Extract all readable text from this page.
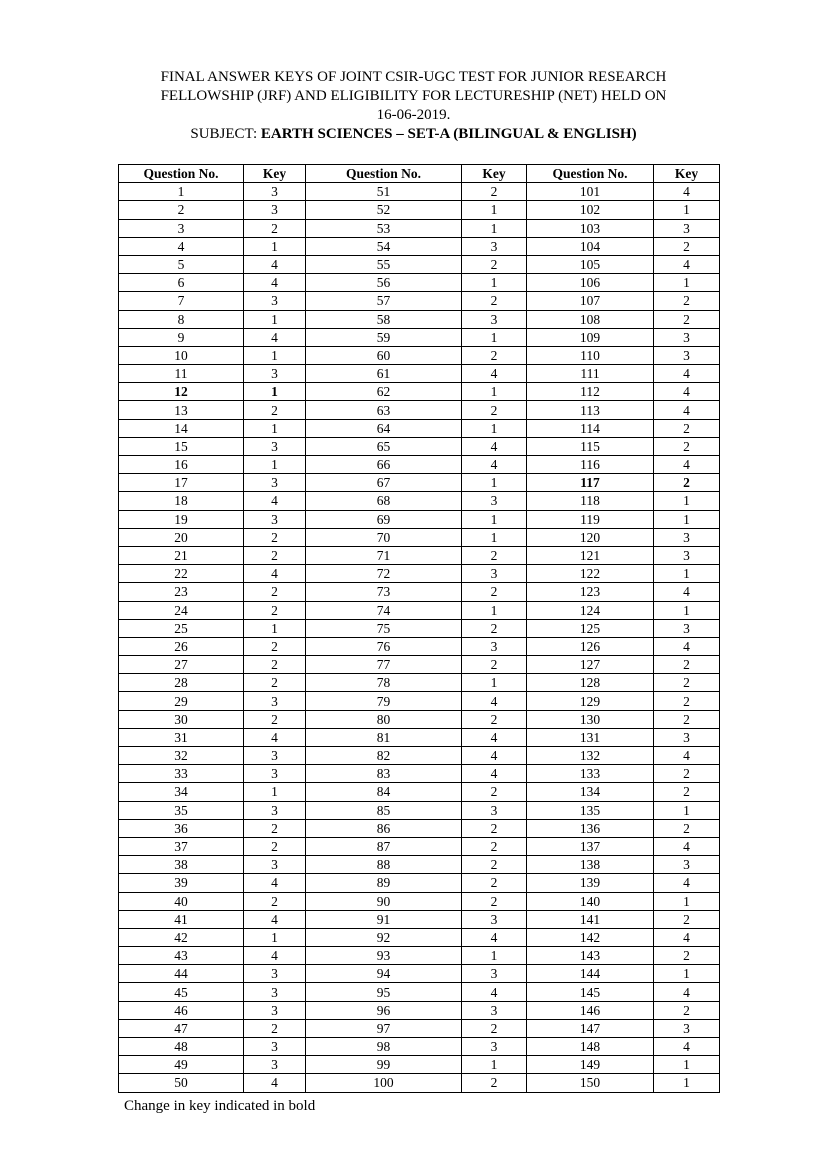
FINAL ANSWER KEYS OF JOINT CSIR-UGC TEST FOR JUNIOR RESEARCH
FELLOWSHIP (JRF) AND ELIGIBILITY FOR LECTURESHIP (NET) HELD ON
16-06-2019.
SUBJECT: EARTH SCIENCES – SET-A (BILINGUAL & ENGLISH)
Question No.	Key	Question No.	Key	Question No.	Key
1	3	51	2	101	4
2	3	52	1	102	1
3	2	53	1	103	3
4	1	54	3	104	2
5	4	55	2	105	4
6	4	56	1	106	1
7	3	57	2	107	2
8	1	58	3	108	2
9	4	59	1	109	3
10	1	60	2	110	3
11	3	61	4	111	4
12	1	62	1	112	4
13	2	63	2	113	4
14	1	64	1	114	2
15	3	65	4	115	2
16	1	66	4	116	4
17	3	67	1	117	2
18	4	68	3	118	1
19	3	69	1	119	1
20	2	70	1	120	3
21	2	71	2	121	3
22	4	72	3	122	1
23	2	73	2	123	4
24	2	74	1	124	1
25	1	75	2	125	3
26	2	76	3	126	4
27	2	77	2	127	2
28	2	78	1	128	2
29	3	79	4	129	2
30	2	80	2	130	2
31	4	81	4	131	3
32	3	82	4	132	4
33	3	83	4	133	2
34	1	84	2	134	2
35	3	85	3	135	1
36	2	86	2	136	2
37	2	87	2	137	4
38	3	88	2	138	3
39	4	89	2	139	4
40	2	90	2	140	1
41	4	91	3	141	2
42	1	92	4	142	4
43	4	93	1	143	2
44	3	94	3	144	1
45	3	95	4	145	4
46	3	96	3	146	2
47	2	97	2	147	3
48	3	98	3	148	4
49	3	99	1	149	1
50	4	100	2	150	1
Change in key indicated in bold
